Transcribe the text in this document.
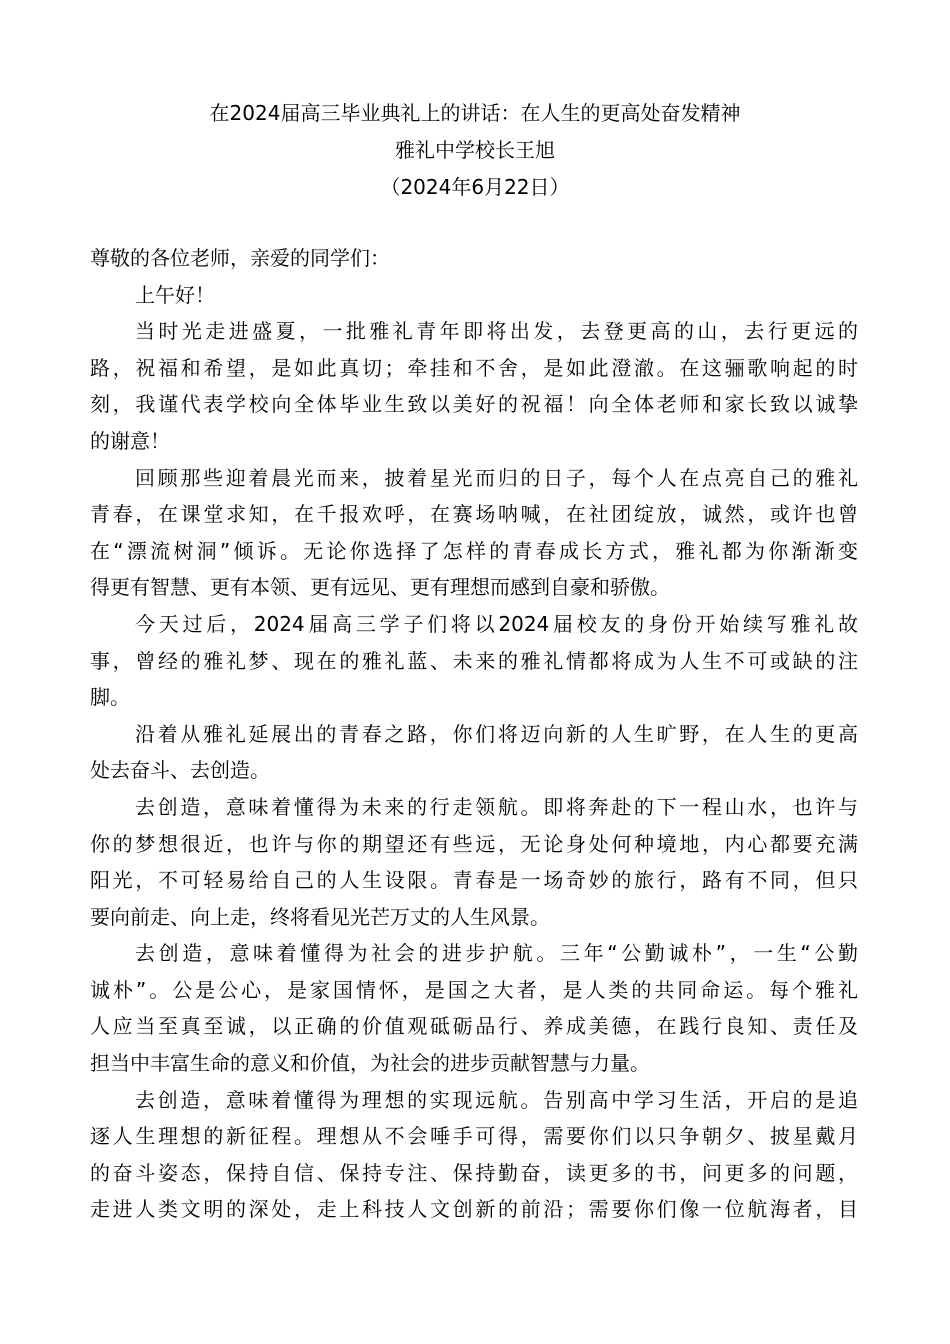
在2024届高三毕业典礼上的讲话：在人生的更高处奋发精神
雅礼中学校长王旭
（2024年6月22日）
尊敬的各位老师，亲爱的同学们：
上午好！
当时光走进盛夏，一批雅礼青年即将出发，去登更高的山，去行更远的
路，祝福和希望，是如此真切；牵挂和不舍，是如此澄澈。在这骊歌响起的时
刻，我谨代表学校向全体毕业生致以美好的祝福！向全体老师和家长致以诚挚
的谢意！
回顾那些迎着晨光而来，披着星光而归的日子，每个人在点亮自己的雅礼
青春，在课堂求知，在千报欢呼，在赛场呐喊，在社团绽放，诚然，或许也曾
在“漂流树洞”倾诉。无论你选择了怎样的青春成长方式，雅礼都为你渐渐变
得更有智慧、更有本领、更有远见、更有理想而感到自豪和骄傲。
今天过后，2024届高三学子们将以2024届校友的身份开始续写雅礼故
事，曾经的雅礼梦、现在的雅礼蓝、未来的雅礼情都将成为人生不可或缺的注
脚。
沿着从雅礼延展出的青春之路，你们将迈向新的人生旷野，在人生的更高
处去奋斗、去创造。
去创造，意味着懂得为未来的行走领航。即将奔赴的下一程山水，也许与
你的梦想很近，也许与你的期望还有些远，无论身处何种境地，内心都要充满
阳光，不可轻易给自己的人生设限。青春是一场奇妙的旅行，路有不同，但只
要向前走、向上走，终将看见光芒万丈的人生风景。
去创造，意味着懂得为社会的进步护航。三年“公勤诚朴”，一生“公勤
诚朴”。公是公心，是家国情怀，是国之大者，是人类的共同命运。每个雅礼
人应当至真至诚，以正确的价值观砥砺品行、养成美德，在践行良知、责任及
担当中丰富生命的意义和价值，为社会的进步贡献智慧与力量。
去创造，意味着懂得为理想的实现远航。告别高中学习生活，开启的是追
逐人生理想的新征程。理想从不会唾手可得，需要你们以只争朝夕、披星戴月
的奋斗姿态，保持自信、保持专注、保持勤奋，读更多的书，问更多的问题，
走进人类文明的深处，走上科技人文创新的前沿；需要你们像一位航海者，目
